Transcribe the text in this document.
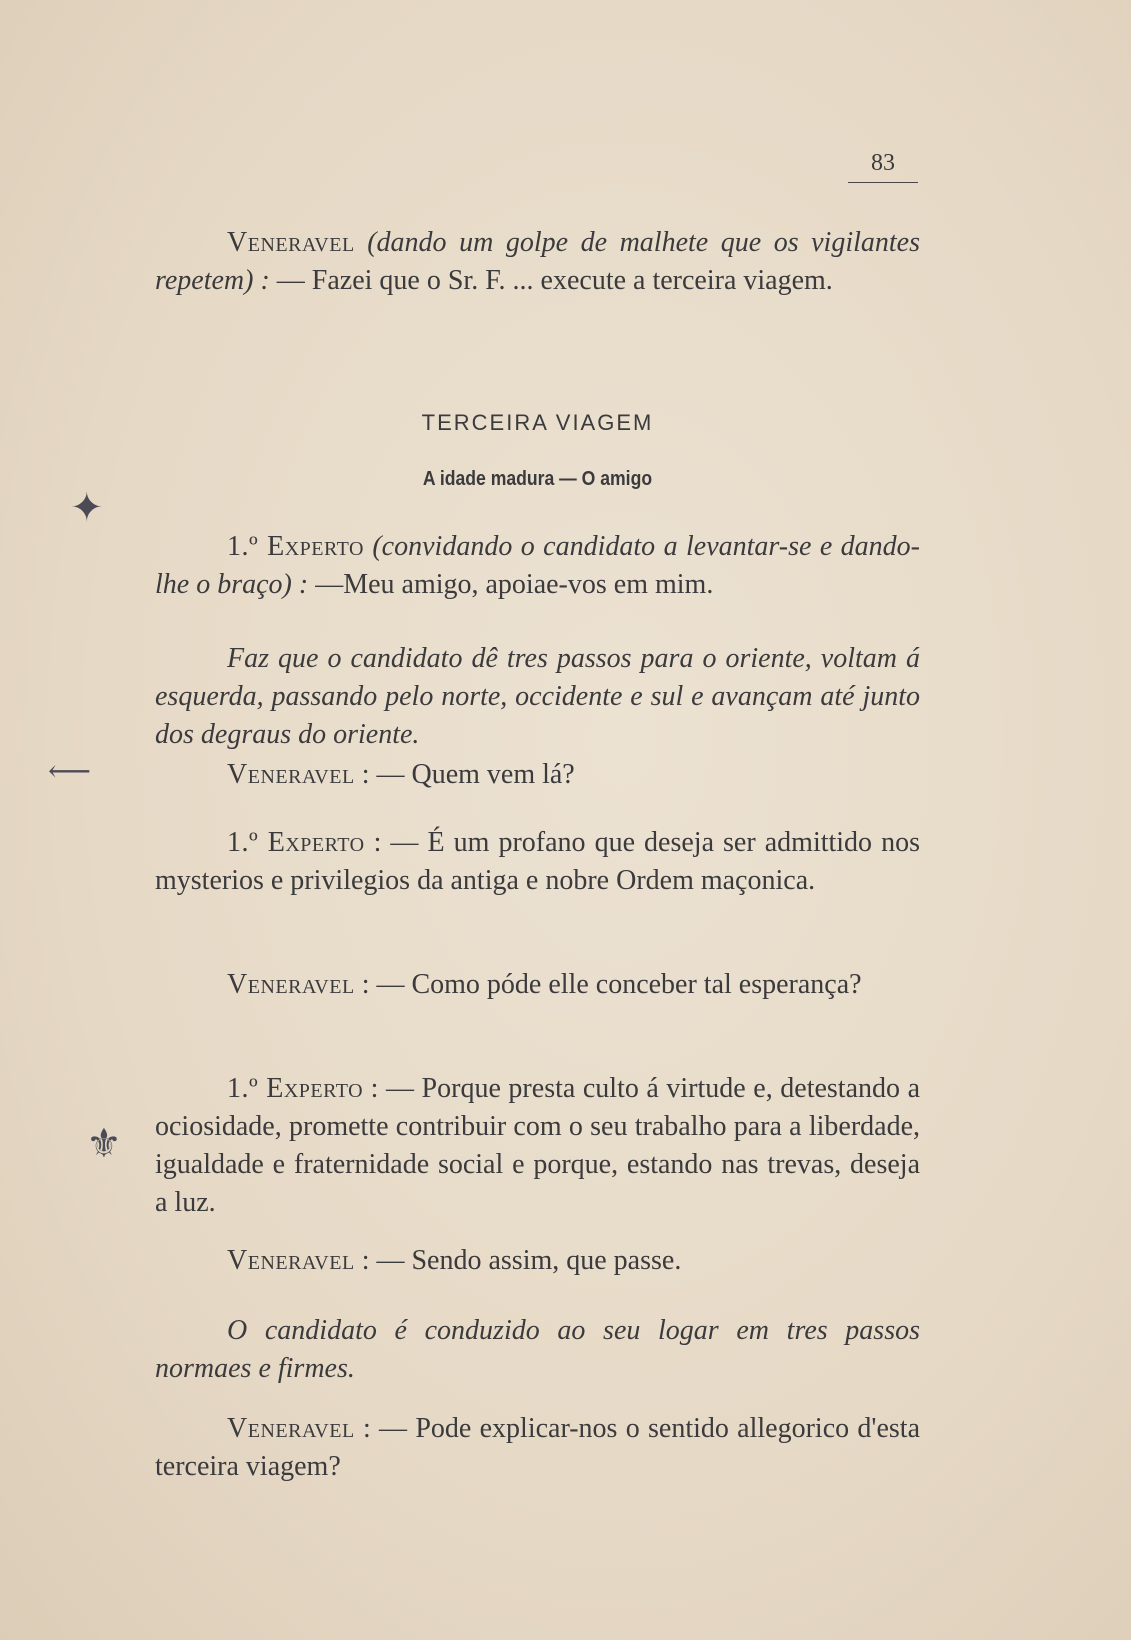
83
Veneravel (dando um golpe de malhete que os vigilantes repetem) : — Fazei que o Sr. F. ... execute a terceira viagem.
TERCEIRA VIAGEM
A idade madura — O amigo
1.º Experto (convidando o candidato a levantar-se e dando-lhe o braço) : —Meu amigo, apoiae-vos em mim.
Faz que o candidato dê tres passos para o oriente, voltam á esquerda, passando pelo norte, occidente e sul e avançam até junto dos degraus do oriente.
Veneravel : — Quem vem lá?
1.º Experto : — É um profano que deseja ser admittido nos mysterios e privilegios da antiga e nobre Ordem maçonica.
Veneravel : — Como póde elle conceber tal esperança?
1.º Experto : — Porque presta culto á virtude e, detestando a ociosidade, promette contribuir com o seu trabalho para a liberdade, igualdade e fraternidade social e porque, estando nas trevas, deseja a luz.
Veneravel : — Sendo assim, que passe.
O candidato é conduzido ao seu logar em tres passos normaes e firmes.
Veneravel : — Pode explicar-nos o sentido allegorico d'esta terceira viagem?
✦
⟵
⚜
